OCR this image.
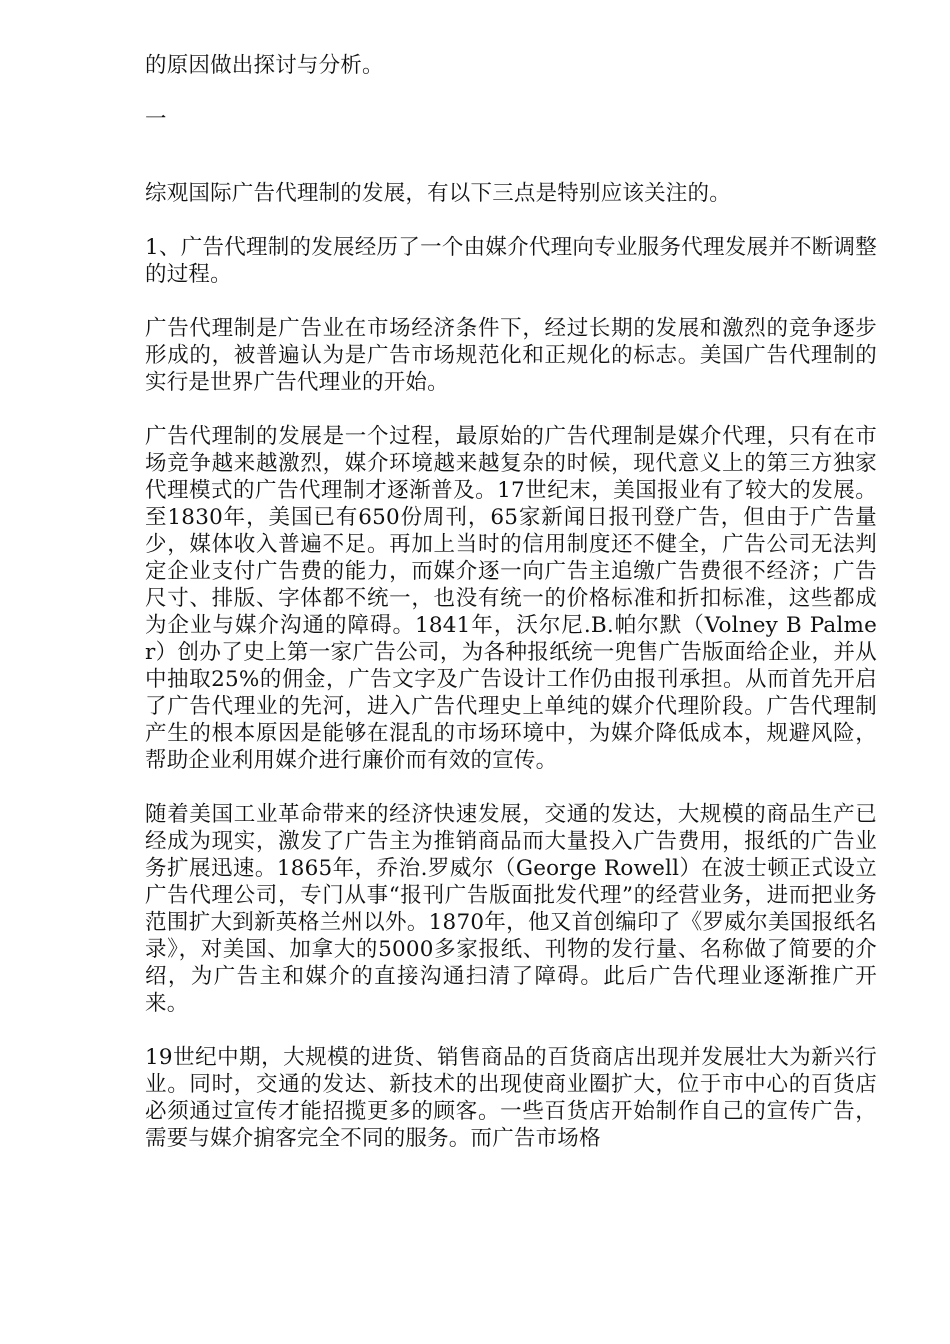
的原因做出探讨与分析。

一

综观国际广告代理制的发展，有以下三点是特别应该关注的。

1、广告代理制的发展经历了一个由媒介代理向专业服务代理发展并不断调整的过程。

广告代理制是广告业在市场经济条件下，经过长期的发展和激烈的竞争逐步形成的，被普遍认为是广告市场规范化和正规化的标志。美国广告代理制的实行是世界广告代理业的开始。

广告代理制的发展是一个过程，最原始的广告代理制是媒介代理，只有在市场竞争越来越激烈，媒介环境越来越复杂的时候，现代意义上的第三方独家代理模式的广告代理制才逐渐普及。17世纪末，美国报业有了较大的发展。至1830年，美国已有650份周刊，65家新闻日报刊登广告，但由于广告量少，媒体收入普遍不足。再加上当时的信用制度还不健全，广告公司无法判定企业支付广告费的能力，而媒介逐一向广告主追缴广告费很不经济；广告尺寸、排版、字体都不统一，也没有统一的价格标准和折扣标准，这些都成为企业与媒介沟通的障碍。1841年，沃尔尼.B.帕尔默（Volney B Palmer）创办了史上第一家广告公司，为各种报纸统一兜售广告版面给企业，并从中抽取25%的佣金，广告文字及广告设计工作仍由报刊承担。从而首先开启了广告代理业的先河，进入广告代理史上单纯的媒介代理阶段。广告代理制产生的根本原因是能够在混乱的市场环境中，为媒介降低成本，规避风险，帮助企业利用媒介进行廉价而有效的宣传。

随着美国工业革命带来的经济快速发展，交通的发达，大规模的商品生产已经成为现实，激发了广告主为推销商品而大量投入广告费用，报纸的广告业务扩展迅速。1865年，乔治.罗威尔（George Rowell）在波士顿正式设立广告代理公司，专门从事“报刊广告版面批发代理”的经营业务，进而把业务范围扩大到新英格兰州以外。1870年，他又首创编印了《罗威尔美国报纸名录》，对美国、加拿大的5000多家报纸、刊物的发行量、名称做了简要的介绍，为广告主和媒介的直接沟通扫清了障碍。此后广告代理业逐渐推广开来。

19世纪中期，大规模的进货、销售商品的百货商店出现并发展壮大为新兴行业。同时，交通的发达、新技术的出现使商业圈扩大，位于市中心的百货店必须通过宣传才能招揽更多的顾客。一些百货店开始制作自己的宣传广告，需要与媒介掮客完全不同的服务。而广告市场格
